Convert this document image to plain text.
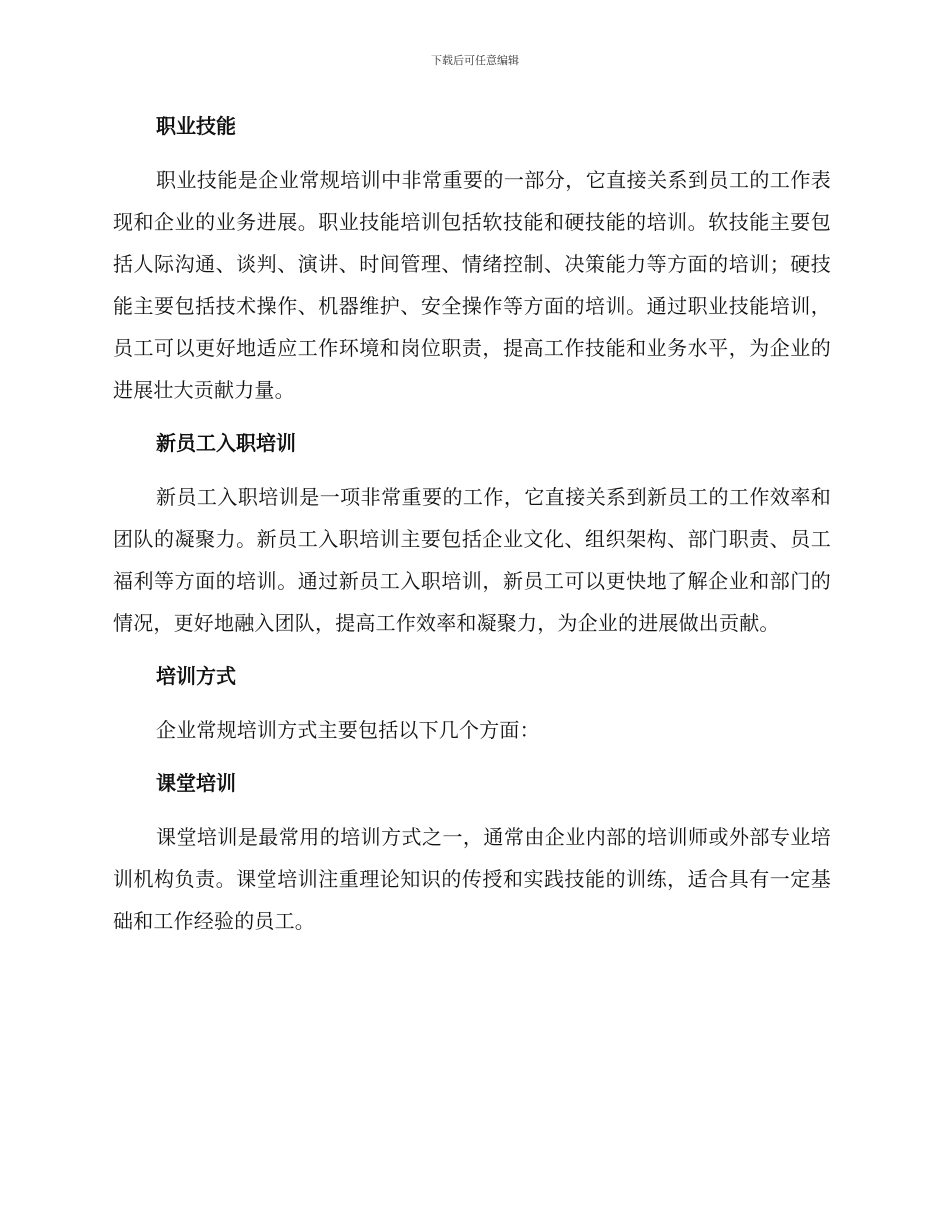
下载后可任意编辑
职业技能

职业技能是企业常规培训中非常重要的一部分，它直接关系到员工的工作表现和企业的业务进展。职业技能培训包括软技能和硬技能的培训。软技能主要包括人际沟通、谈判、演讲、时间管理、情绪控制、决策能力等方面的培训；硬技能主要包括技术操作、机器维护、安全操作等方面的培训。通过职业技能培训，员工可以更好地适应工作环境和岗位职责，提高工作技能和业务水平，为企业的进展壮大贡献力量。

新员工入职培训

新员工入职培训是一项非常重要的工作，它直接关系到新员工的工作效率和团队的凝聚力。新员工入职培训主要包括企业文化、组织架构、部门职责、员工福利等方面的培训。通过新员工入职培训，新员工可以更快地了解企业和部门的情况，更好地融入团队，提高工作效率和凝聚力，为企业的进展做出贡献。

培训方式

企业常规培训方式主要包括以下几个方面：

课堂培训

课堂培训是最常用的培训方式之一，通常由企业内部的培训师或外部专业培训机构负责。课堂培训注重理论知识的传授和实践技能的训练，适合具有一定基础和工作经验的员工。
